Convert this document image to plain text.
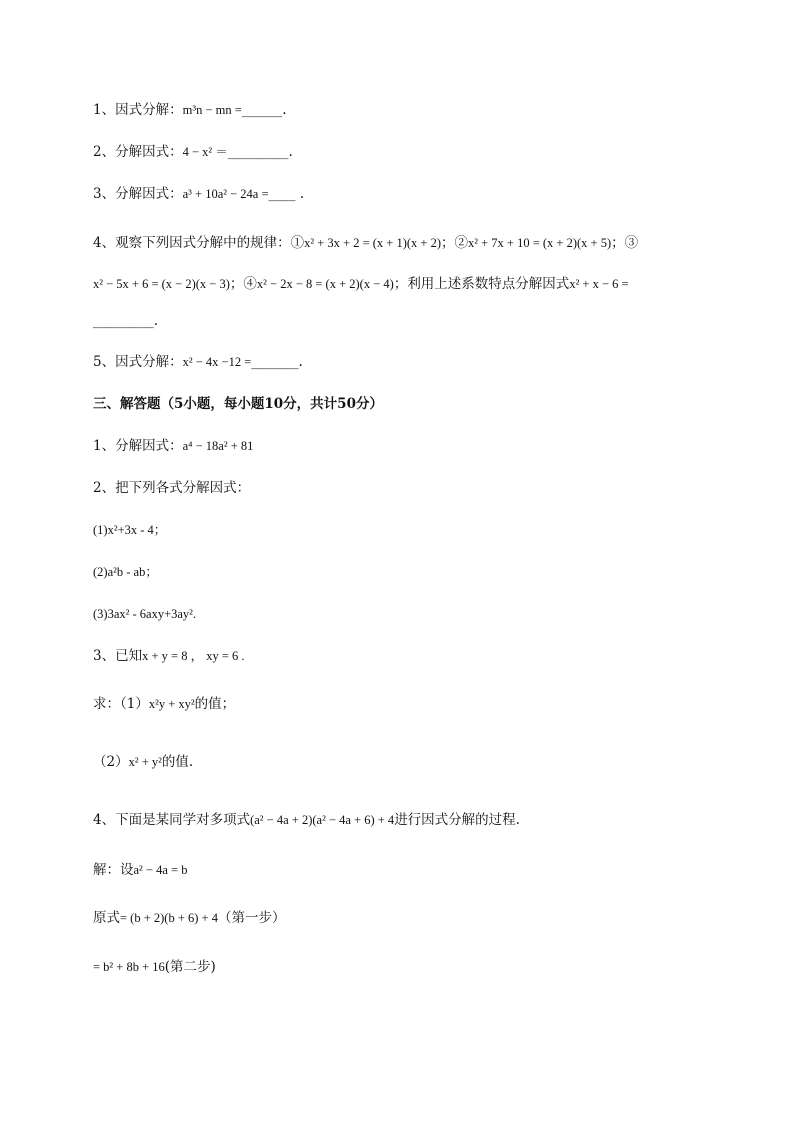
1、因式分解：m³n − mn =______.
2、分解因式：4 − x² ＝_________.
3、分解因式：a³ + 10a² − 24a =____ .
4、观察下列因式分解中的规律：①x² + 3x + 2 = (x + 1)(x + 2)；②x² + 7x + 10 = (x + 2)(x + 5)；③
x² − 5x + 6 = (x − 2)(x − 3)；④x² − 2x − 8 = (x + 2)(x − 4)；利用上述系数特点分解因式x² + x − 6 =
_________.
5、因式分解：x² − 4x −12 =_______.
三、解答题（5小题，每小题10分，共计50分）
1、分解因式：a⁴ − 18a² + 81
2、把下列各式分解因式：
(1)x²+3x - 4；
(2)a²b - ab；
(3)3ax² - 6axy+3ay².
3、已知x + y = 8 ， xy = 6 .
求：（1）x²y + xy²的值；
（2）x² + y²的值.
4、下面是某同学对多项式(a² − 4a + 2)(a² − 4a + 6) + 4进行因式分解的过程.
解：设a² − 4a = b
原式= (b + 2)(b + 6) + 4（第一步）
= b² + 8b + 16(第二步)
